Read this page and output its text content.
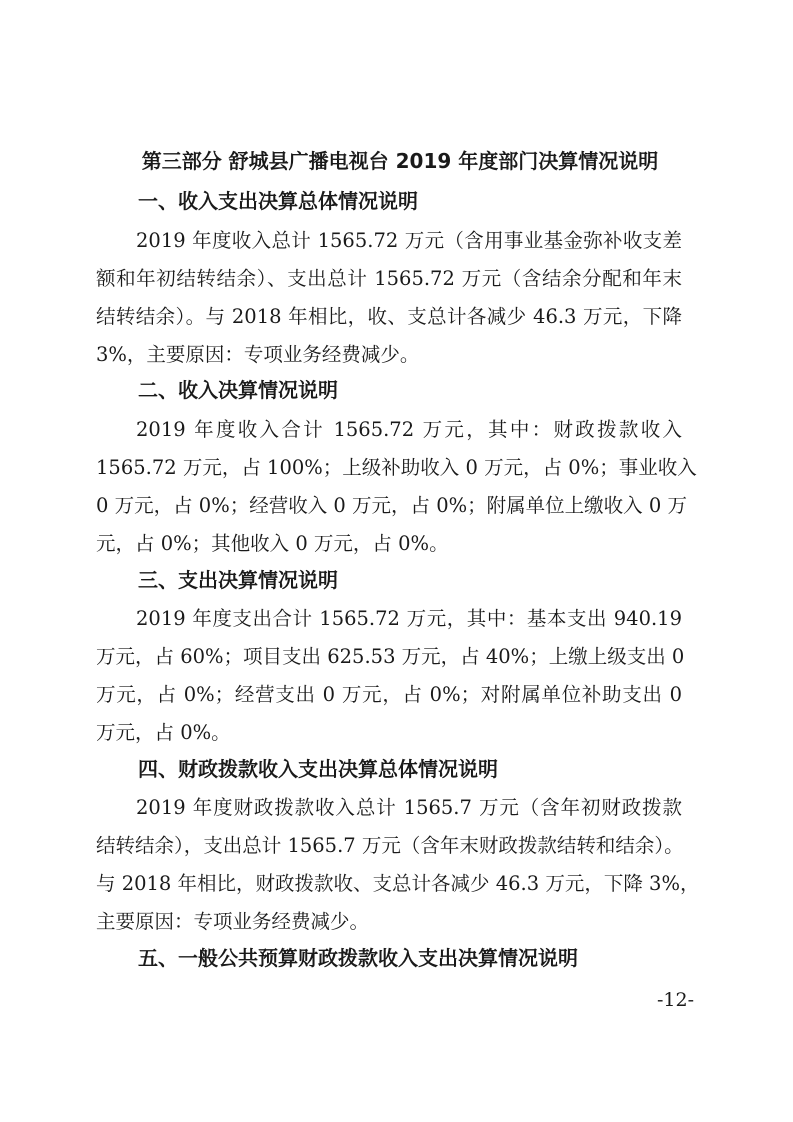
第三部分 舒城县广播电视台 2019 年度部门决算情况说明
一、收入支出决算总体情况说明

2019 年度收入总计 1565.72 万元（含用事业基金弥补收支差
额和年初结转结余）、支出总计 1565.72 万元（含结余分配和年末
结转结余）。与 2018 年相比，收、支总计各减少 46.3 万元，下降
3%，主要原因：专项业务经费减少。

二、收入决算情况说明

2019 年度收入合计 1565.72 万元，其中：财政拨款收入
1565.72 万元，占 100%；上级补助收入 0 万元，占 0%；事业收入
0 万元，占 0%；经营收入 0 万元，占 0%；附属单位上缴收入 0 万
元，占 0%；其他收入 0 万元，占 0%。

三、支出决算情况说明

2019 年度支出合计 1565.72 万元，其中：基本支出 940.19
万元，占 60%；项目支出 625.53 万元，占 40%；上缴上级支出 0
万元，占 0%；经营支出 0 万元，占 0%；对附属单位补助支出 0
万元，占 0%。

四、财政拨款收入支出决算总体情况说明

2019 年度财政拨款收入总计 1565.7 万元（含年初财政拨款
结转结余），支出总计 1565.7 万元（含年末财政拨款结转和结余）。
与 2018 年相比，财政拨款收、支总计各减少 46.3 万元，下降 3%，
主要原因：专项业务经费减少。

五、一般公共预算财政拨款收入支出决算情况说明
-12-
